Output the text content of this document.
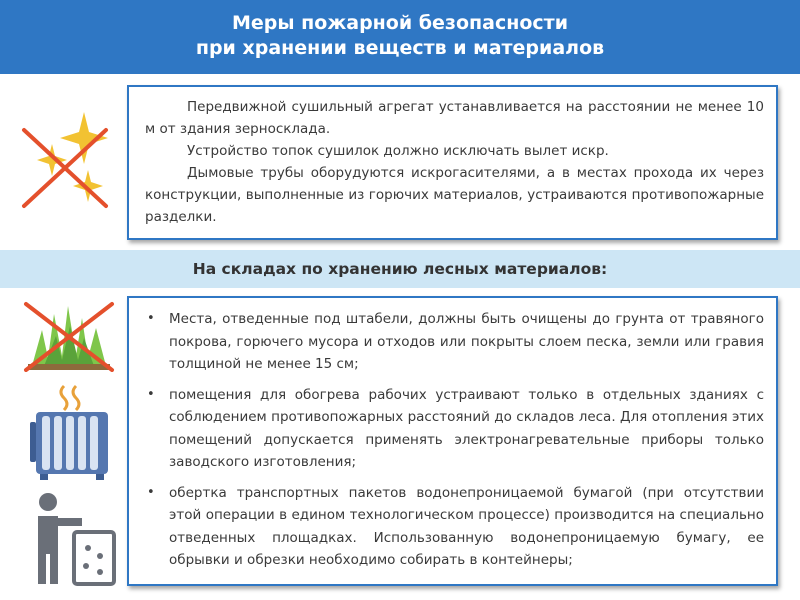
Меры пожарной безопасности
при хранении веществ и материалов

Передвижной сушильный агрегат устанавливается на расстоянии не менее 10 м от здания зерносклада.

Устройство топок сушилок должно исключать вылет искр.

Дымовые трубы оборудуются искрогасителями, а в местах прохода их через конструкции, выполненные из горючих материалов, устраиваются противопожарные разделки.

На складах по хранению лесных материалов:
• Места, отведенные под штабели, должны быть очищены до грунта от травяного покрова, горючего мусора и отходов или покрыты слоем песка, земли или гравия толщиной не менее 15 см;
• помещения для обогрева рабочих устраивают только в отдельных зданиях с соблюдением противопожарных расстояний до складов леса. Для отопления этих помещений допускается применять электронагревательные приборы только заводского изготовления;
• обертка транспортных пакетов водонепроницаемой бумагой (при отсутствии этой операции в едином технологическом процессе) производится на специально отведенных площадках. Использованную водонепроницаемую бумагу, ее обрывки и обрезки необходимо собирать в контейнеры;
